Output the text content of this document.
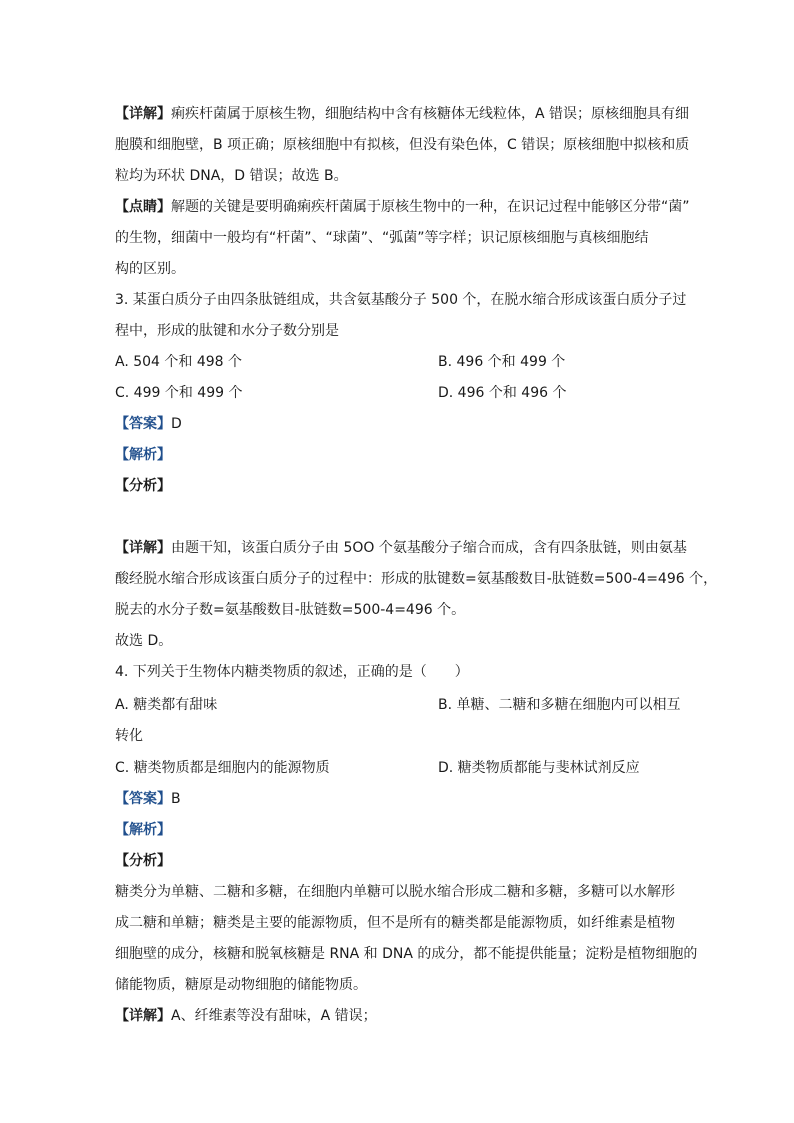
【详解】痢疾杆菌属于原核生物，细胞结构中含有核糖体无线粒体，A 错误；原核细胞具有细
胞膜和细胞壁，B 项正确；原核细胞中有拟核，但没有染色体，C 错误；原核细胞中拟核和质
粒均为环状 DNA，D 错误；故选 B。
【点睛】解题的关键是要明确痢疾杆菌属于原核生物中的一种，在识记过程中能够区分带“菌”
的生物，细菌中一般均有“杆菌”、“球菌”、“弧菌”等字样；识记原核细胞与真核细胞结
构的区别。
3. 某蛋白质分子由四条肽链组成，共含氨基酸分子 500 个，在脱水缩合形成该蛋白质分子过
程中，形成的肽键和水分子数分别是
A. 504 个和 498 个	B. 496 个和 499 个
C. 499 个和 499 个	D. 496 个和 496 个
【答案】D
【解析】
【分析】
【详解】由题干知，该蛋白质分子由 5OO 个氨基酸分子缩合而成，含有四条肽链，则由氨基
酸经脱水缩合形成该蛋白质分子的过程中：形成的肽键数=氨基酸数目-肽链数=500-4=496 个，
脱去的水分子数=氨基酸数目-肽链数=500-4=496 个。
故选 D。
4. 下列关于生物体内糖类物质的叙述，正确的是（　　）
A. 糖类都有甜味	B. 单糖、二糖和多糖在细胞内可以相互
转化
C. 糖类物质都是细胞内的能源物质	D. 糖类物质都能与斐林试剂反应
【答案】B
【解析】
【分析】
糖类分为单糖、二糖和多糖，在细胞内单糖可以脱水缩合形成二糖和多糖，多糖可以水解形
成二糖和单糖；糖类是主要的能源物质，但不是所有的糖类都是能源物质，如纤维素是植物
细胞壁的成分，核糖和脱氧核糖是 RNA 和 DNA 的成分，都不能提供能量；淀粉是植物细胞的
储能物质，糖原是动物细胞的储能物质。
【详解】A、纤维素等没有甜味，A 错误；
